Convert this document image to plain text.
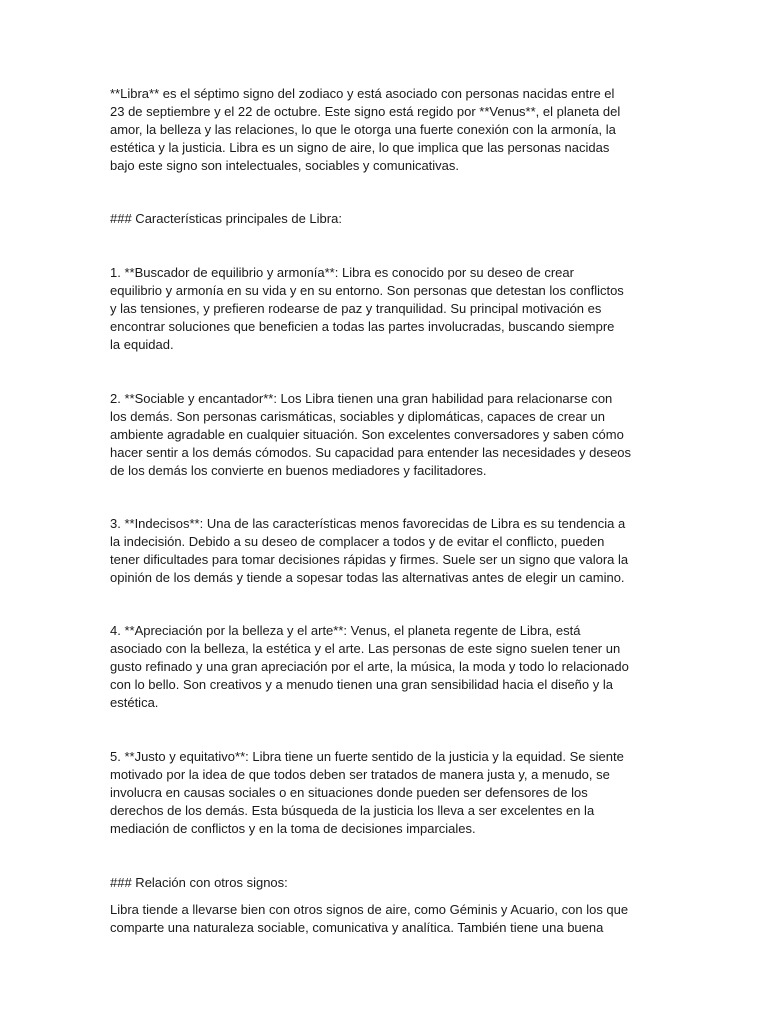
**Libra** es el séptimo signo del zodiaco y está asociado con personas nacidas entre el
23 de septiembre y el 22 de octubre. Este signo está regido por **Venus**, el planeta del
amor, la belleza y las relaciones, lo que le otorga una fuerte conexión con la armonía, la
estética y la justicia. Libra es un signo de aire, lo que implica que las personas nacidas
bajo este signo son intelectuales, sociables y comunicativas.
### Características principales de Libra:
1. **Buscador de equilibrio y armonía**: Libra es conocido por su deseo de crear
equilibrio y armonía en su vida y en su entorno. Son personas que detestan los conflictos
y las tensiones, y prefieren rodearse de paz y tranquilidad. Su principal motivación es
encontrar soluciones que beneficien a todas las partes involucradas, buscando siempre
la equidad.
2. **Sociable y encantador**: Los Libra tienen una gran habilidad para relacionarse con
los demás. Son personas carismáticas, sociables y diplomáticas, capaces de crear un
ambiente agradable en cualquier situación. Son excelentes conversadores y saben cómo
hacer sentir a los demás cómodos. Su capacidad para entender las necesidades y deseos
de los demás los convierte en buenos mediadores y facilitadores.
3. **Indecisos**: Una de las características menos favorecidas de Libra es su tendencia a
la indecisión. Debido a su deseo de complacer a todos y de evitar el conflicto, pueden
tener dificultades para tomar decisiones rápidas y firmes. Suele ser un signo que valora la
opinión de los demás y tiende a sopesar todas las alternativas antes de elegir un camino.
4. **Apreciación por la belleza y el arte**: Venus, el planeta regente de Libra, está
asociado con la belleza, la estética y el arte. Las personas de este signo suelen tener un
gusto refinado y una gran apreciación por el arte, la música, la moda y todo lo relacionado
con lo bello. Son creativos y a menudo tienen una gran sensibilidad hacia el diseño y la
estética.
5. **Justo y equitativo**: Libra tiene un fuerte sentido de la justicia y la equidad. Se siente
motivado por la idea de que todos deben ser tratados de manera justa y, a menudo, se
involucra en causas sociales o en situaciones donde pueden ser defensores de los
derechos de los demás. Esta búsqueda de la justicia los lleva a ser excelentes en la
mediación de conflictos y en la toma de decisiones imparciales.
### Relación con otros signos:
Libra tiende a llevarse bien con otros signos de aire, como Géminis y Acuario, con los que
comparte una naturaleza sociable, comunicativa y analítica. También tiene una buena
